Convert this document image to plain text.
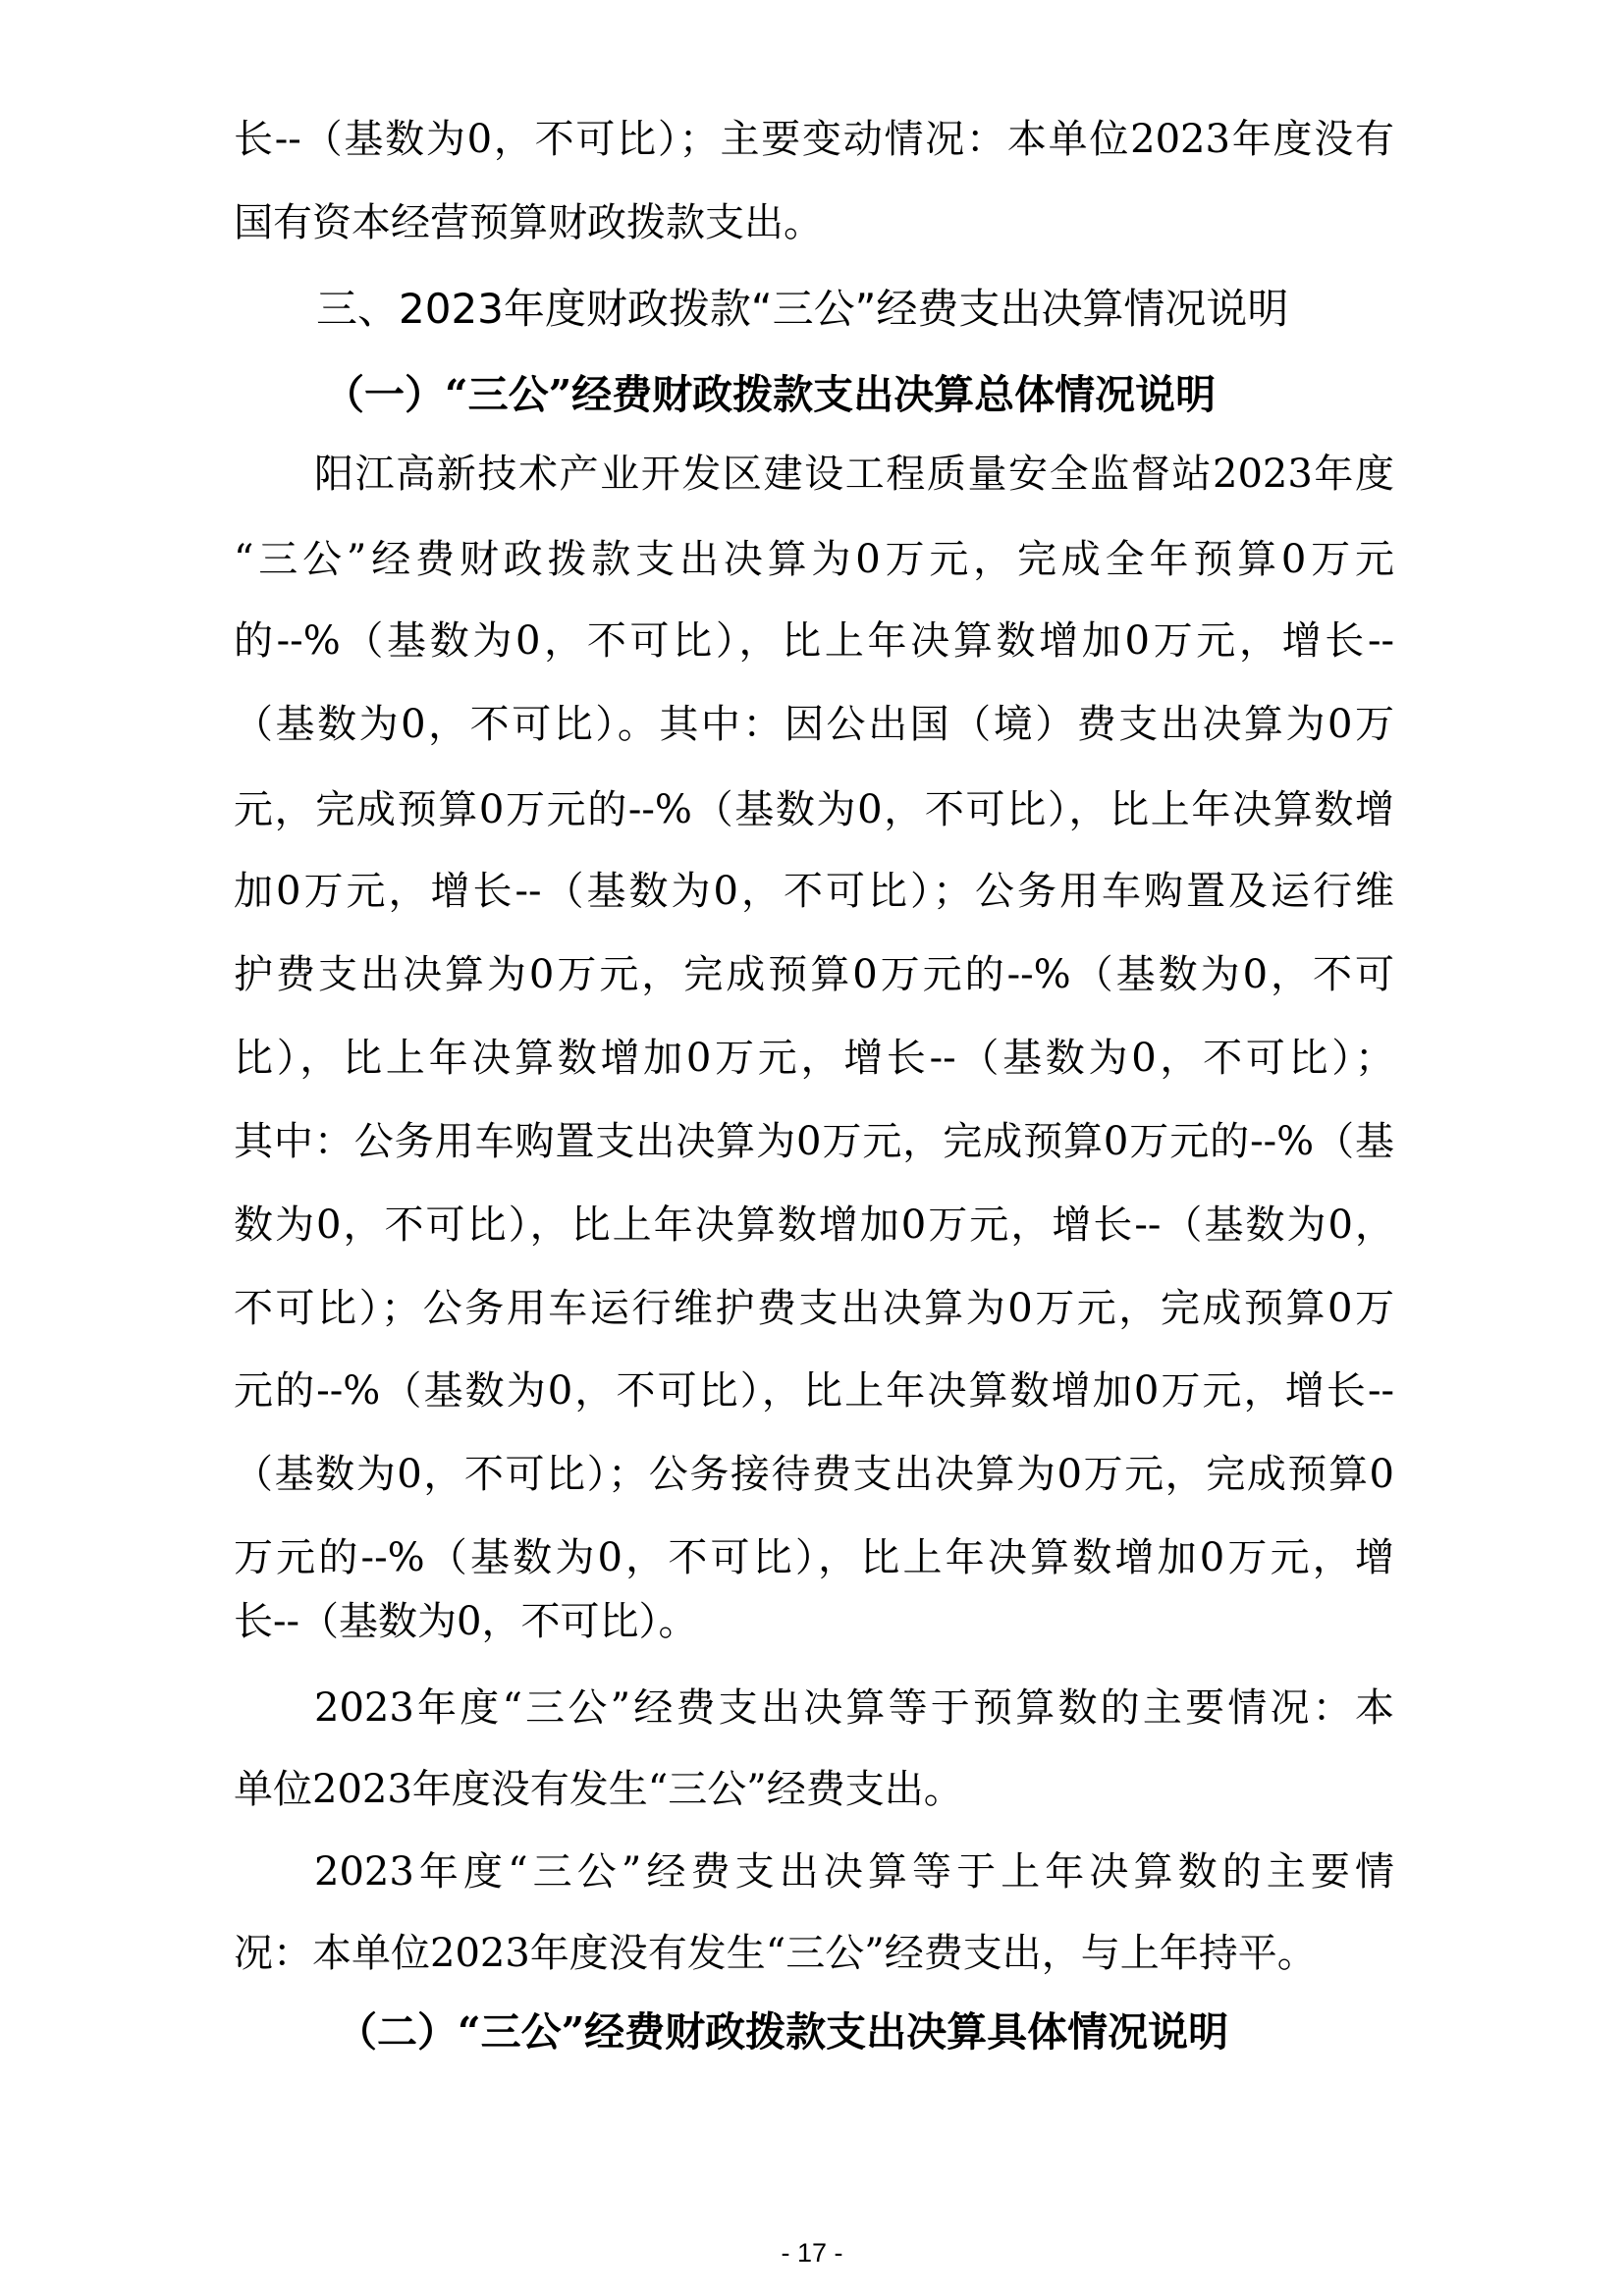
长--（基数为0，不可比）；主要变动情况：本单位2023年度没有
国有资本经营预算财政拨款支出。
三、2023年度财政拨款“三公”经费支出决算情况说明
（一）“三公”经费财政拨款支出决算总体情况说明
阳江高新技术产业开发区建设工程质量安全监督站2023年度
“三公”经费财政拨款支出决算为0万元，完成全年预算0万元
的--%（基数为0，不可比），比上年决算数增加0万元，增长--
（基数为0，不可比）。其中：因公出国（境）费支出决算为0万
元，完成预算0万元的--%（基数为0，不可比），比上年决算数增
加0万元，增长--（基数为0，不可比）；公务用车购置及运行维
护费支出决算为0万元，完成预算0万元的--%（基数为0，不可
比），比上年决算数增加0万元，增长--（基数为0，不可比）；
其中：公务用车购置支出决算为0万元，完成预算0万元的--%（基
数为0，不可比），比上年决算数增加0万元，增长--（基数为0，
不可比）；公务用车运行维护费支出决算为0万元，完成预算0万
元的--%（基数为0，不可比），比上年决算数增加0万元，增长--
（基数为0，不可比）；公务接待费支出决算为0万元，完成预算0
万元的--%（基数为0，不可比），比上年决算数增加0万元，增
长--（基数为0，不可比）。
2023年度“三公”经费支出决算等于预算数的主要情况：本
单位2023年度没有发生“三公”经费支出。
2023年度“三公”经费支出决算等于上年决算数的主要情
况：本单位2023年度没有发生“三公”经费支出，与上年持平。
（二）“三公”经费财政拨款支出决算具体情况说明
- 17 -
